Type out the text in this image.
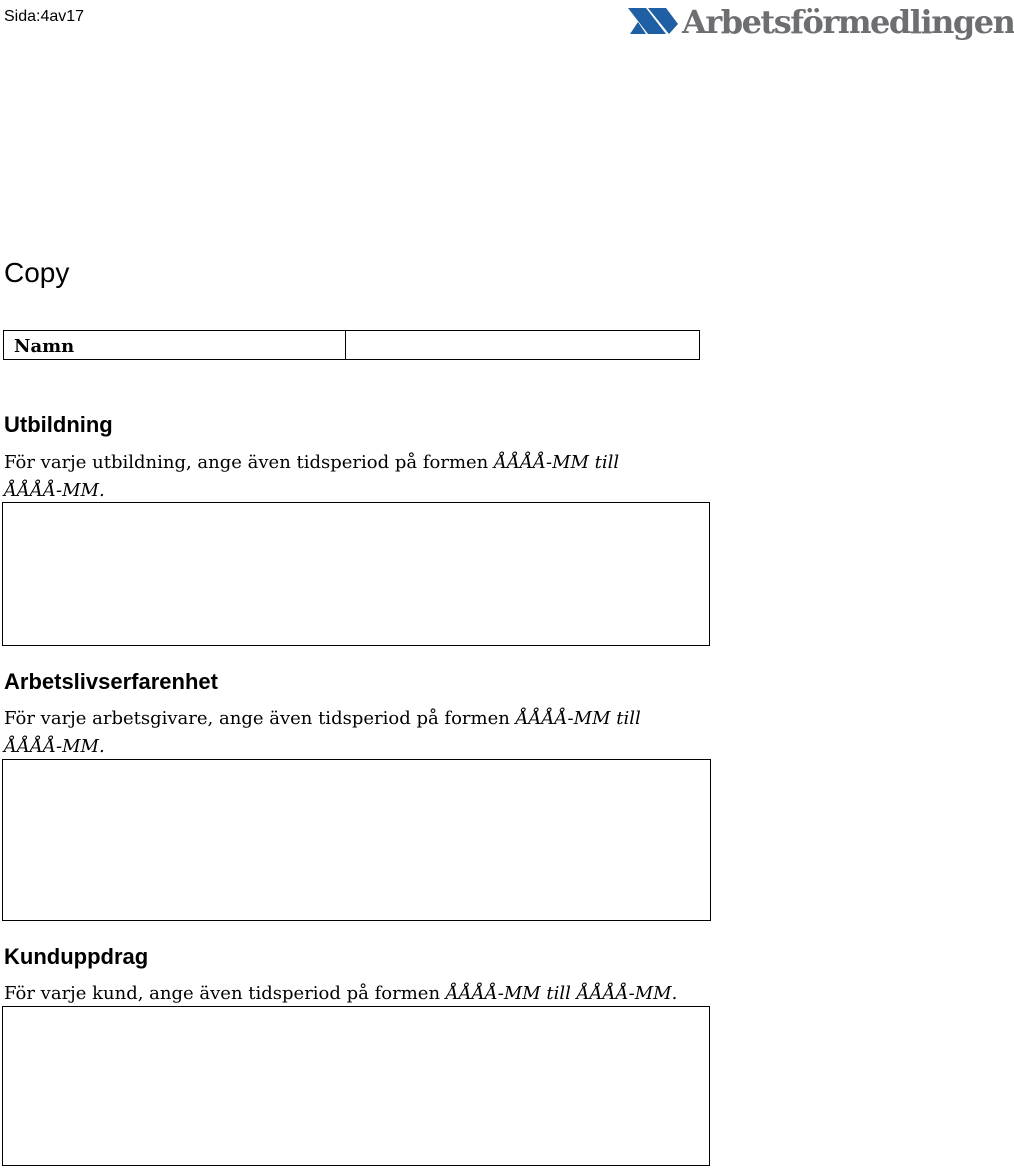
Sida:4av17	Arbetsförmedlingen
Copy
Namn
Utbildning

För varje utbildning, ange även tidsperiod på formen ÅÅÅÅ-MM till ÅÅÅÅ-MM.

Arbetslivserfarenhet

För varje arbetsgivare, ange även tidsperiod på formen ÅÅÅÅ-MM till ÅÅÅÅ-MM.

Kunduppdrag

För varje kund, ange även tidsperiod på formen ÅÅÅÅ-MM till ÅÅÅÅ-MM.
